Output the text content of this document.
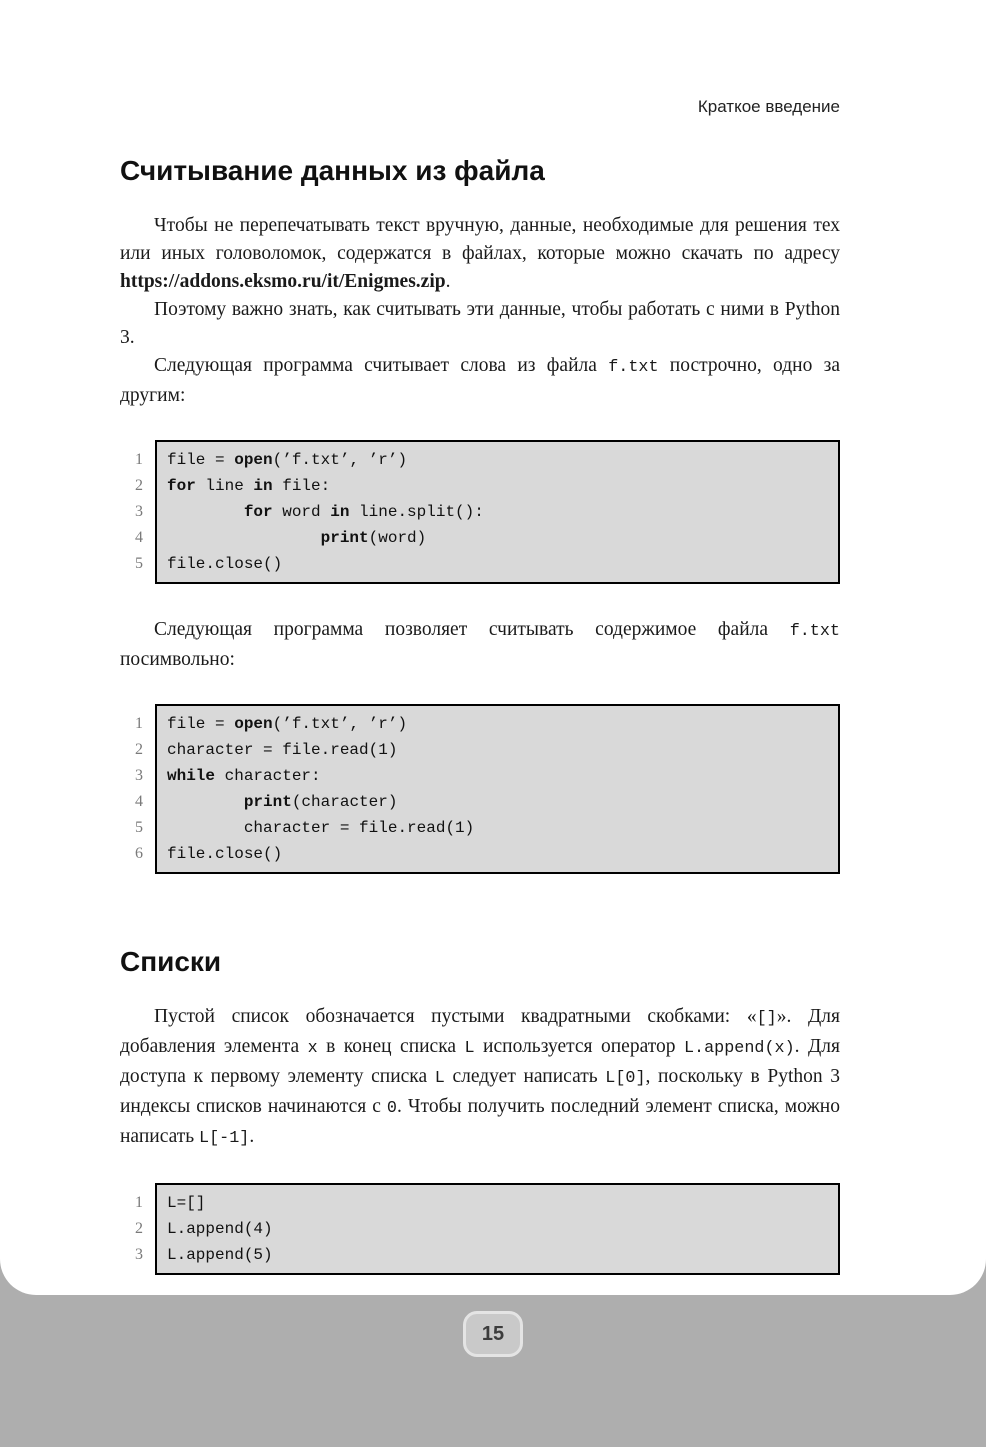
Краткое введение
Считывание данных из файла

Чтобы не перепечатывать текст вручную, данные, необходимые для решения тех или иных головоломок, содержатся в файлах, которые можно скачать по адресу https://addons.eksmo.ru/it/Enigmes.zip.

Поэтому важно знать, как считывать эти данные, чтобы работать с ними в Python 3.

Следующая программа считывает слова из файла f.txt построчно, одно за другим:

1
2
3
4
5
file = open(’f.txt’, ’r’)
for line in file:
for word in line.split():
print(word)
file.close()

Следующая программа позволяет считывать содержимое файла f.txt посимвольно:

1
2
3
4
5
6
file = open(’f.txt’, ’r’)
character = file.read(1)
while character:
print(character)
character = file.read(1)
file.close()
Списки

Пустой список обозначается пустыми квадратными скобками: «[]». Для добавления элемента x в конец списка L используется оператор L.append(x). Для доступа к первому элементу списка L следует написать L[0], поскольку в Python 3 индексы списков начинаются с 0. Чтобы получить последний элемент списка, можно написать L[-1].

1
2
3
L=[]
L.append(4)
L.append(5)
15
